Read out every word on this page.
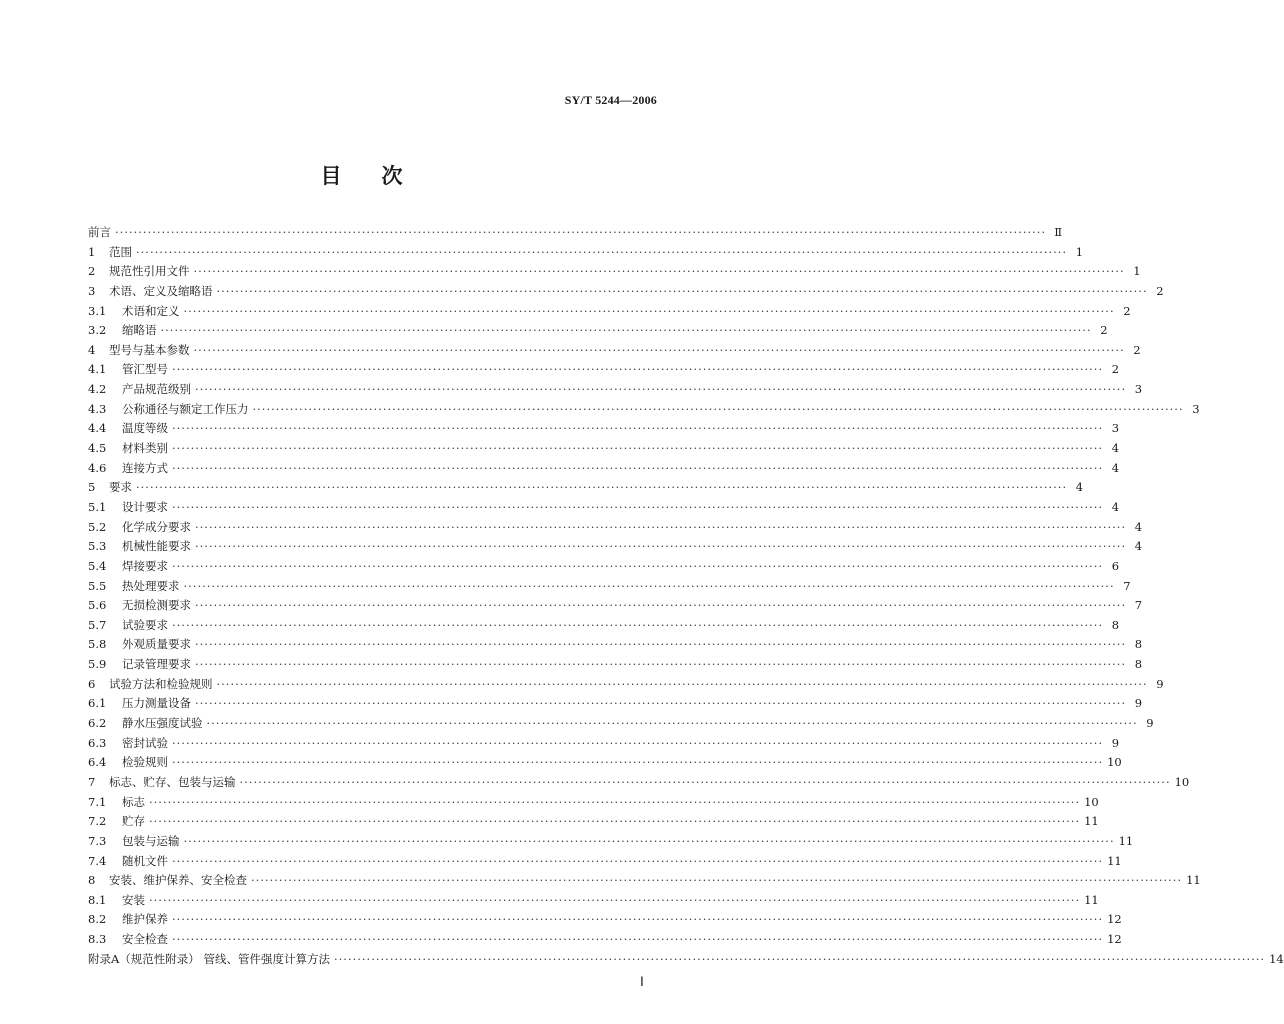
SY/T 5244—2006
目 次
前言 ········································································································································································································ Ⅱ
1	范围 ········································································································································································································ 1
2	规范性引用文件 ········································································································································································································ 1
3	术语、定义及缩略语 ········································································································································································································ 2
3.1	术语和定义 ········································································································································································································ 2
3.2	缩略语 ········································································································································································································ 2
4	型号与基本参数 ········································································································································································································ 2
4.1	管汇型号 ········································································································································································································ 2
4.2	产品规范级别 ········································································································································································································ 3
4.3	公称通径与额定工作压力 ········································································································································································································ 3
4.4	温度等级 ········································································································································································································ 3
4.5	材料类别 ········································································································································································································ 4
4.6	连接方式 ········································································································································································································ 4
5	要求 ········································································································································································································ 4
5.1	设计要求 ········································································································································································································ 4
5.2	化学成分要求 ········································································································································································································ 4
5.3	机械性能要求 ········································································································································································································ 4
5.4	焊接要求 ········································································································································································································ 6
5.5	热处理要求 ········································································································································································································ 7
5.6	无损检测要求 ········································································································································································································ 7
5.7	试验要求 ········································································································································································································ 8
5.8	外观质量要求 ········································································································································································································ 8
5.9	记录管理要求 ········································································································································································································ 8
6	试验方法和检验规则 ········································································································································································································ 9
6.1	压力测量设备 ········································································································································································································ 9
6.2	静水压强度试验 ········································································································································································································ 9
6.3	密封试验 ········································································································································································································ 9
6.4	检验规则 ········································································································································································································ 10
7	标志、贮存、包装与运输 ········································································································································································································ 10
7.1	标志 ········································································································································································································ 10
7.2	贮存 ········································································································································································································ 11
7.3	包装与运输 ········································································································································································································ 11
7.4	随机文件 ········································································································································································································ 11
8	安装、维护保养、安全检查 ········································································································································································································ 11
8.1	安装 ········································································································································································································ 11
8.2	维护保养 ········································································································································································································ 12
8.3	安全检查 ········································································································································································································ 12
附录A（规范性附录） 管线、管件强度计算方法 ········································································································································································································ 14
Ⅰ
